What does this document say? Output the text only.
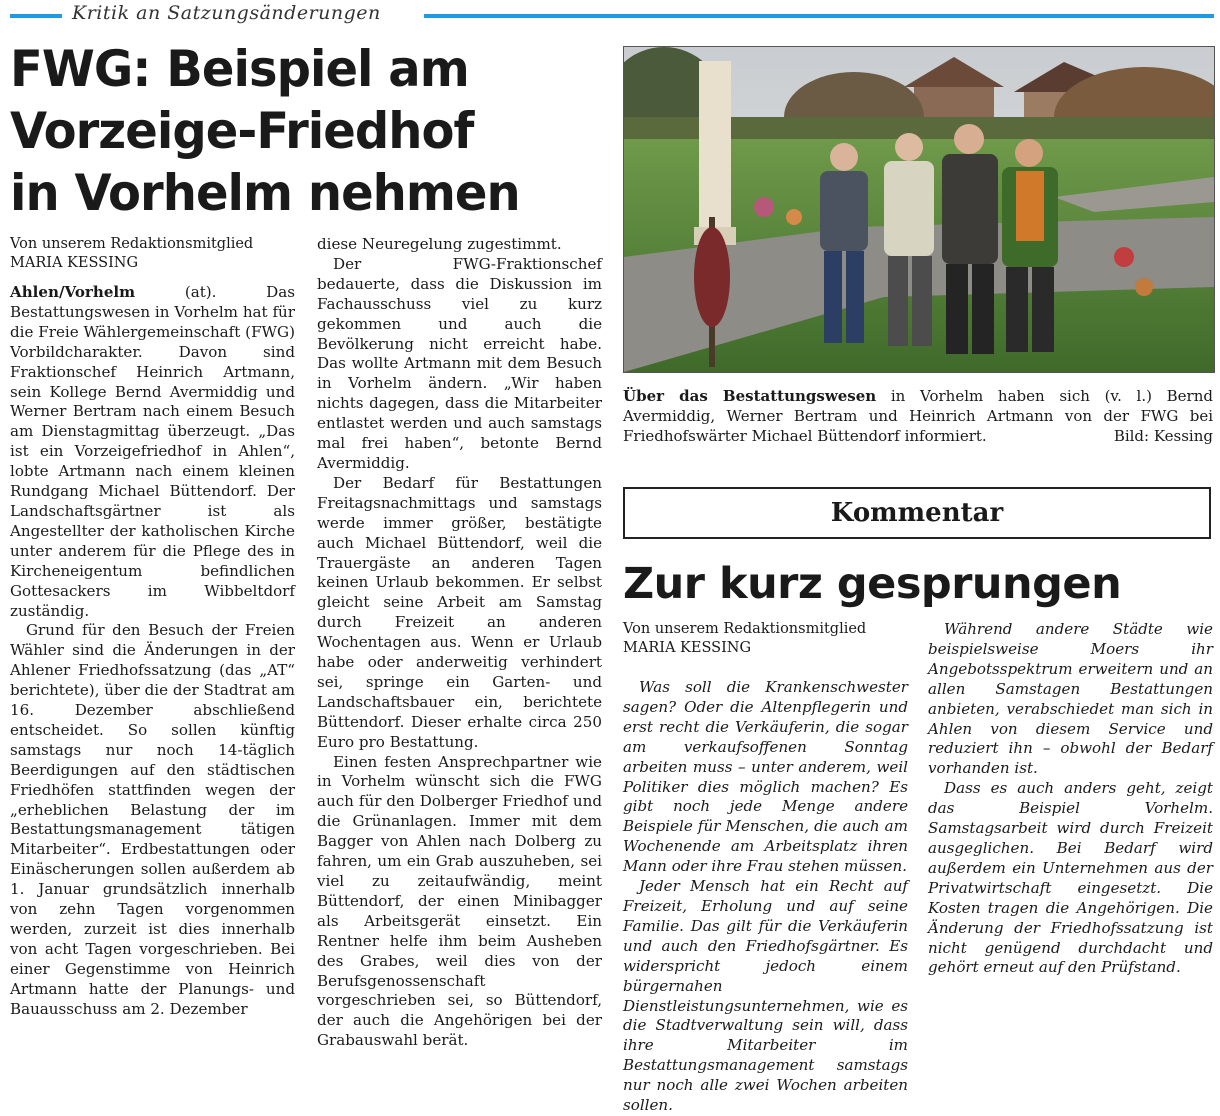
Kritik an Satzungsänderungen
FWG: Beispiel am
Vorzeige-Friedhof
in Vorhelm nehmen
Von unserem Redaktionsmitglied
MARIA KESSING

Ahlen/Vorhelm (at). Das Bestattungswesen in Vorhelm hat für die Freie Wählergemeinschaft (FWG) Vorbildcharakter. Davon sind Fraktionschef Heinrich Artmann, sein Kollege Bernd Avermiddig und Werner Bertram nach einem Besuch am Dienstagmittag überzeugt. „Das ist ein Vorzeigefriedhof in Ahlen“, lobte Artmann nach einem kleinen Rundgang Michael Büttendorf. Der Landschaftsgärtner ist als Angestellter der katholischen Kirche unter anderem für die Pflege des in Kircheneigentum befindlichen Gottesackers im Wibbeltdorf zuständig.

Grund für den Besuch der Freien Wähler sind die Änderungen in der Ahlener Friedhofssatzung (das „AT“ berichtete), über die der Stadtrat am 16. Dezember abschließend entscheidet. So sollen künftig samstags nur noch 14-täglich Beerdigungen auf den städtischen Friedhöfen stattfinden wegen der „erheblichen Belastung der im Bestattungsmanagement tätigen Mitarbeiter“. Erdbestattungen oder Einäscherungen sollen außerdem ab 1. Januar grundsätzlich innerhalb von zehn Tagen vorgenommen werden, zurzeit ist dies innerhalb von acht Tagen vorgeschrieben. Bei einer Gegenstimme von Heinrich Artmann hatte der Planungs- und Bauausschuss am 2. Dezember

diese Neuregelung zugestimmt.

Der FWG-Fraktionschef bedauerte, dass die Diskussion im Fachausschuss viel zu kurz gekommen und auch die Bevölkerung nicht erreicht habe. Das wollte Artmann mit dem Besuch in Vorhelm ändern. „Wir haben nichts dagegen, dass die Mitarbeiter entlastet werden und auch samstags mal frei haben“, betonte Bernd Avermiddig.

Der Bedarf für Bestattungen Freitagsnachmittags und samstags werde immer größer, bestätigte auch Michael Büttendorf, weil die Trauergäste an anderen Tagen keinen Urlaub bekommen. Er selbst gleicht seine Arbeit am Samstag durch Freizeit an anderen Wochentagen aus. Wenn er Urlaub habe oder anderweitig verhindert sei, springe ein Garten- und Landschaftsbauer ein, berichtete Büttendorf. Dieser erhalte circa 250 Euro pro Bestattung.

Einen festen Ansprechpartner wie in Vorhelm wünscht sich die FWG auch für den Dolberger Friedhof und die Grünanlagen. Immer mit dem Bagger von Ahlen nach Dolberg zu fahren, um ein Grab auszuheben, sei viel zu zeitaufwändig, meint Büttendorf, der einen Minibagger als Arbeitsgerät einsetzt. Ein Rentner helfe ihm beim Ausheben des Grabes, weil dies von der Berufsgenossenschaft vorgeschrieben sei, so Büttendorf, der auch die Angehörigen bei der Grabauswahl berät.

Über das Bestattungswesen in Vorhelm haben sich (v. l.) Bernd Avermiddig, Werner Bertram und Heinrich Artmann von der FWG bei Friedhofswärter Michael Büttendorf informiert.	Bild: Kessing
Kommentar
Zur kurz gesprungen
Von unserem Redaktionsmitglied
MARIA KESSING

Was soll die Krankenschwester sagen? Oder die Altenpflegerin und erst recht die Verkäuferin, die sogar am verkaufsoffenen Sonntag arbeiten muss – unter anderem, weil Politiker dies möglich machen? Es gibt noch jede Menge andere Beispiele für Menschen, die auch am Wochenende am Arbeitsplatz ihren Mann oder ihre Frau stehen müssen.

Jeder Mensch hat ein Recht auf Freizeit, Erholung und auf seine Familie. Das gilt für die Verkäuferin und auch den Friedhofsgärtner. Es widerspricht jedoch einem bürgernahen Dienstleistungsunternehmen, wie es die Stadtverwaltung sein will, dass ihre Mitarbeiter im Bestattungsmanagement samstags nur noch alle zwei Wochen arbeiten sollen.

Während andere Städte wie beispielsweise Moers ihr Angebotsspektrum erweitern und an allen Samstagen Bestattungen anbieten, verabschiedet man sich in Ahlen von diesem Service und reduziert ihn – obwohl der Bedarf vorhanden ist.

Dass es auch anders geht, zeigt das Beispiel Vorhelm. Samstagsarbeit wird durch Freizeit ausgeglichen. Bei Bedarf wird außerdem ein Unternehmen aus der Privatwirtschaft eingesetzt. Die Kosten tragen die Angehörigen. Die Änderung der Friedhofssatzung ist nicht genügend durchdacht und gehört erneut auf den Prüfstand.
